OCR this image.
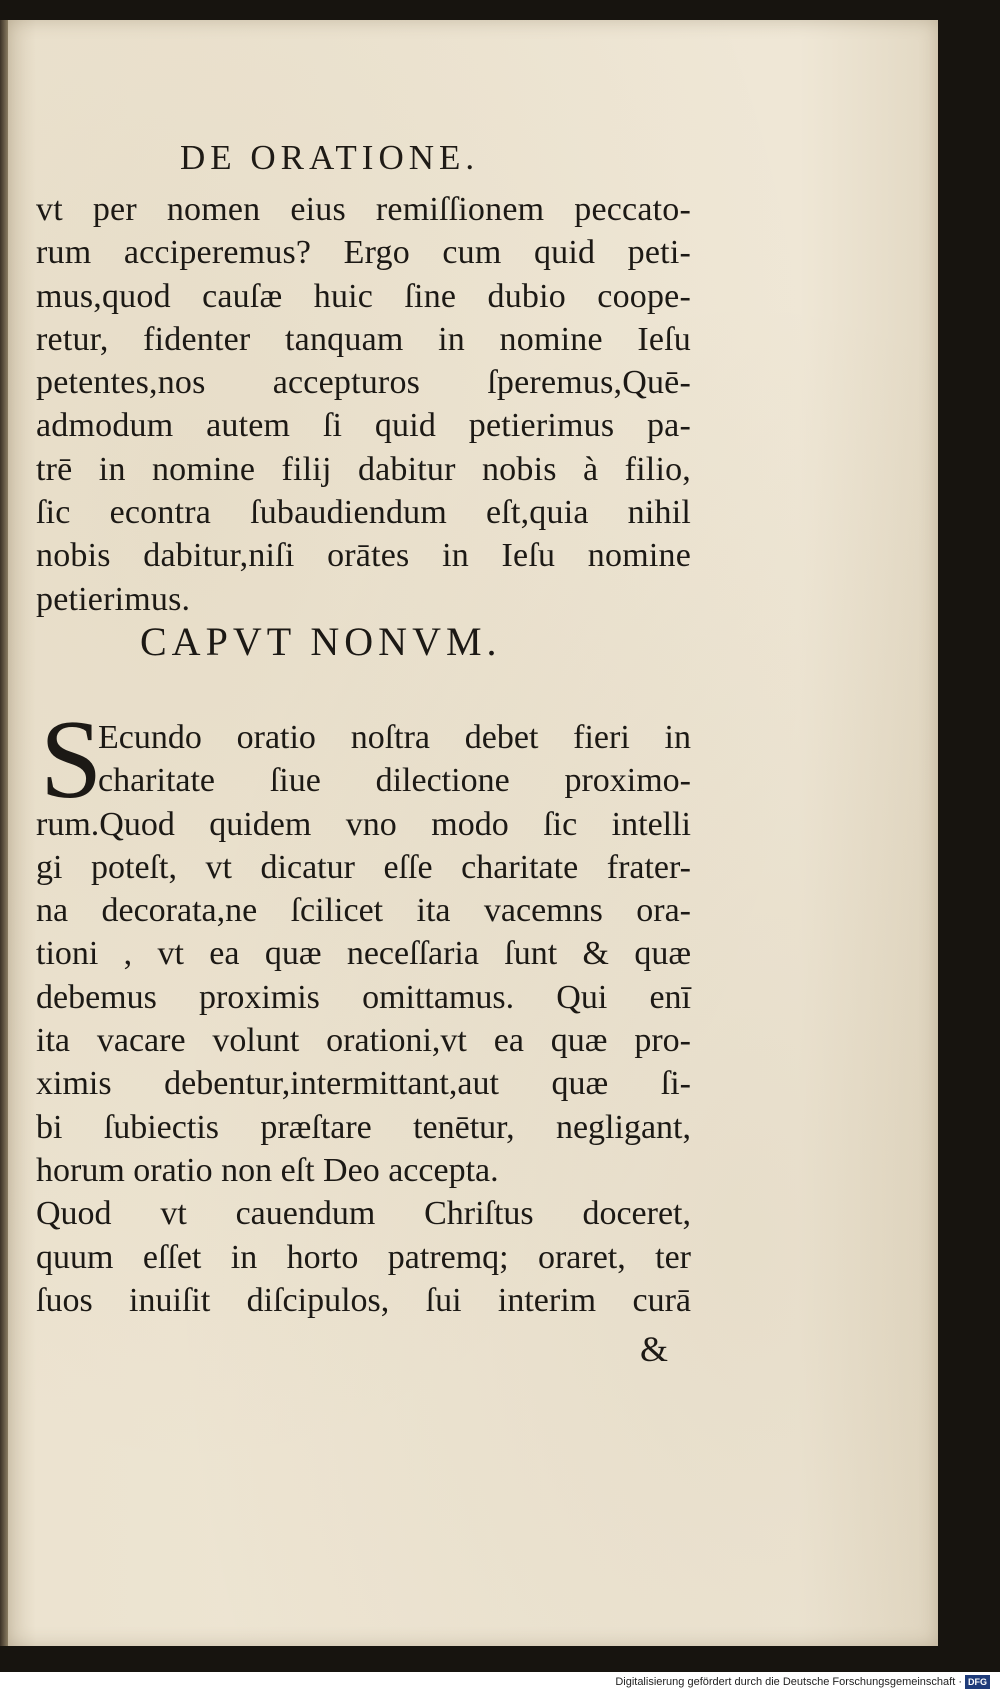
DE ORATIONE.
vt per nomen eius remiſſionem peccato-
rum acciperemus? Ergo cum quid peti-
mus,quod cauſæ huic ſine dubio coope-
retur, fidenter tanquam in nomine Ieſu
petentes,nos accepturos ſperemus,Quē-
admodum autem ſi quid petierimus pa-
trē in nomine filij dabitur nobis à filio,
ſic econtra ſubaudiendum eſt,quia nihil
nobis dabitur,niſi orātes in Ieſu nomine
petierimus.
CAPVT NONVM.
S
Ecundo oratio noſtra debet fieri in
charitate ſiue dilectione proximo-
rum.Quod quidem vno modo ſic intelli
gi poteſt, vt dicatur eſſe charitate frater-
na decorata,ne ſcilicet ita vacemns ora-
tioni , vt ea quæ neceſſaria ſunt & quæ
debemus proximis omittamus. Qui enī
ita vacare volunt orationi,vt ea quæ pro-
ximis debentur,intermittant,aut quæ ſi-
bi ſubiectis præſtare tenētur, negligant,
horum oratio non eſt Deo accepta.
Quod vt cauendum Chriſtus doceret,
quum eſſet in horto patremq; oraret, ter
ſuos inuiſit diſcipulos, ſui interim curā
&
Digitalisierung gefördert durch die Deutsche Forschungsgemeinschaft · DFG
